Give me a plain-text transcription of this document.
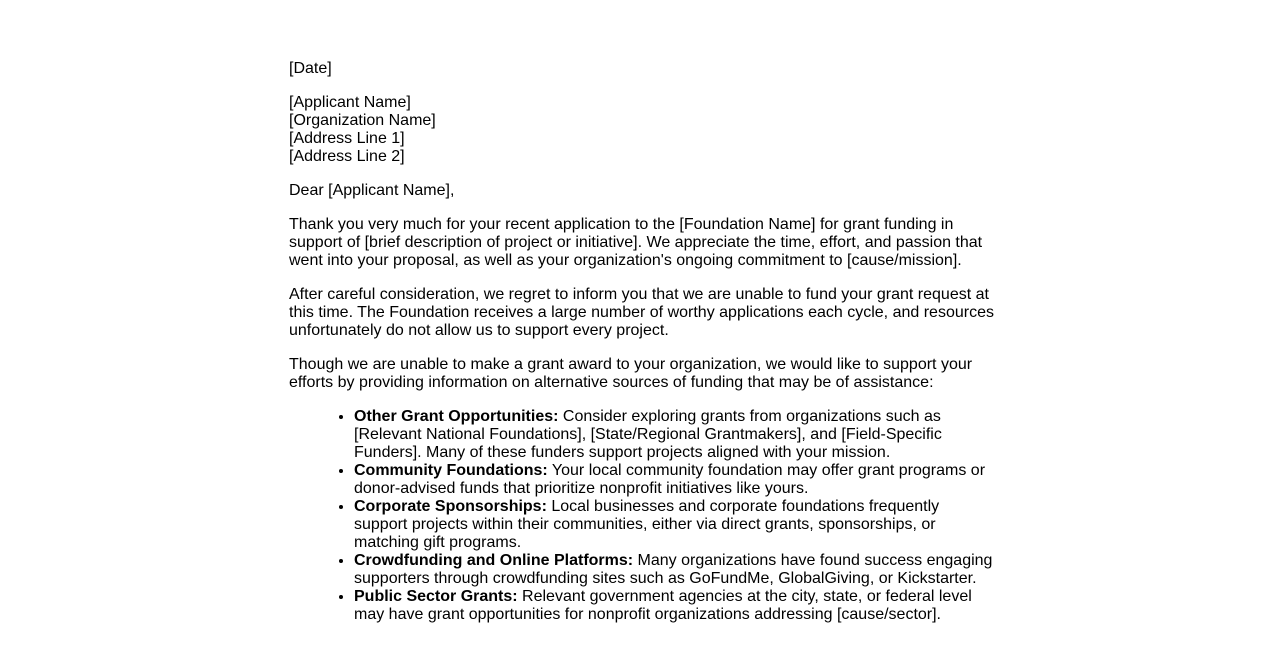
[Date]

[Applicant Name]

[Organization Name]

[Address Line 1]

[Address Line 2]

Dear [Applicant Name],

Thank you very much for your recent application to the [Foundation Name] for grant funding in support of [brief description of project or initiative]. We appreciate the time, effort, and passion that went into your proposal, as well as your organization's ongoing commitment to [cause/mission].

After careful consideration, we regret to inform you that we are unable to fund your grant request at this time. The Foundation receives a large number of worthy applications each cycle, and resources unfortunately do not allow us to support every project.

Though we are unable to make a grant award to your organization, we would like to support your efforts by providing information on alternative sources of funding that may be of assistance:

• Other Grant Opportunities: Consider exploring grants from organizations such as [Relevant National Foundations], [State/Regional Grantmakers], and [Field-Specific Funders]. Many of these funders support projects aligned with your mission.
• Community Foundations: Your local community foundation may offer grant programs or donor-advised funds that prioritize nonprofit initiatives like yours.
• Corporate Sponsorships: Local businesses and corporate foundations frequently support projects within their communities, either via direct grants, sponsorships, or matching gift programs.
• Crowdfunding and Online Platforms: Many organizations have found success engaging supporters through crowdfunding sites such as GoFundMe, GlobalGiving, or Kickstarter.
• Public Sector Grants: Relevant government agencies at the city, state, or federal level may have grant opportunities for nonprofit organizations addressing [cause/sector].
